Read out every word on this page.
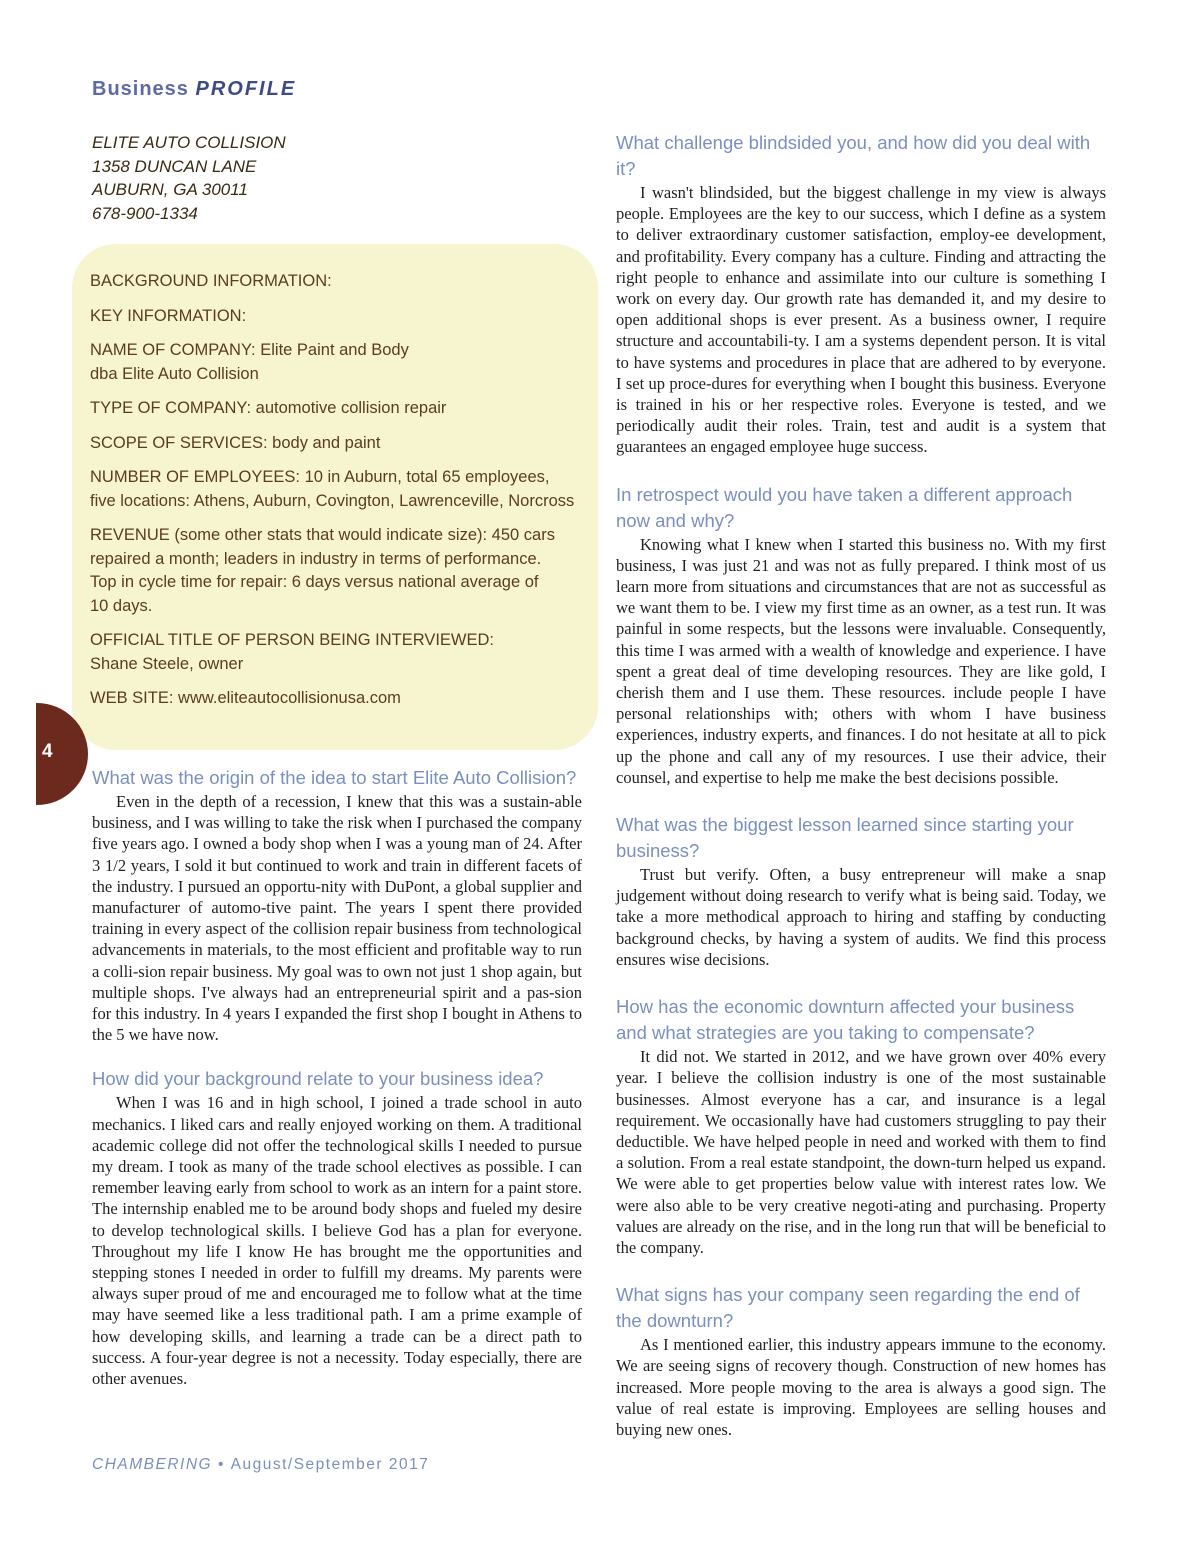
Business PROFILE
ELITE AUTO COLLISION
1358 DUNCAN LANE
AUBURN, GA 30011
678-900-1334

BACKGROUND INFORMATION:

KEY INFORMATION:

NAME OF COMPANY: Elite Paint and Body
dba Elite Auto Collision

TYPE OF COMPANY: automotive collision repair

SCOPE OF SERVICES: body and paint

NUMBER OF EMPLOYEES: 10 in Auburn, total 65 employees,
five locations: Athens, Auburn, Covington, Lawrenceville, Norcross

REVENUE (some other stats that would indicate size): 450 cars
repaired a month; leaders in industry in terms of performance.
Top in cycle time for repair: 6 days versus national average of
10 days.

OFFICIAL TITLE OF PERSON BEING INTERVIEWED:
Shane Steele, owner

WEB SITE: www.eliteautocollisionusa.com

4

What was the origin of the idea to start Elite Auto Collision?

Even in the depth of a recession, I knew that this was a sustain-able business, and I was willing to take the risk when I purchased the company five years ago. I owned a body shop when I was a young man of 24. After 3 1/2 years, I sold it but continued to work and train in different facets of the industry. I pursued an opportu-nity with DuPont, a global supplier and manufacturer of automo-tive paint. The years I spent there provided training in every aspect of the collision repair business from technological advancements in materials, to the most efficient and profitable way to run a colli-sion repair business. My goal was to own not just 1 shop again, but multiple shops. I've always had an entrepreneurial spirit and a pas-sion for this industry. In 4 years I expanded the first shop I bought in Athens to the 5 we have now.

How did your background relate to your business idea?

When I was 16 and in high school, I joined a trade school in auto mechanics. I liked cars and really enjoyed working on them. A traditional academic college did not offer the technological skills I needed to pursue my dream. I took as many of the trade school electives as possible. I can remember leaving early from school to work as an intern for a paint store. The internship enabled me to be around body shops and fueled my desire to develop technological skills. I believe God has a plan for everyone. Throughout my life I know He has brought me the opportunities and stepping stones I needed in order to fulfill my dreams. My parents were always super proud of me and encouraged me to follow what at the time may have seemed like a less traditional path. I am a prime example of how developing skills, and learning a trade can be a direct path to success. A four-year degree is not a necessity. Today especially, there are other avenues.

What challenge blindsided you, and how did you deal with it?

I wasn't blindsided, but the biggest challenge in my view is always people. Employees are the key to our success, which I define as a system to deliver extraordinary customer satisfaction, employ-ee development, and profitability. Every company has a culture. Finding and attracting the right people to enhance and assimilate into our culture is something I work on every day. Our growth rate has demanded it, and my desire to open additional shops is ever present. As a business owner, I require structure and accountabili-ty. I am a systems dependent person. It is vital to have systems and procedures in place that are adhered to by everyone. I set up proce-dures for everything when I bought this business. Everyone is trained in his or her respective roles. Everyone is tested, and we periodically audit their roles. Train, test and audit is a system that guarantees an engaged employee huge success.

In retrospect would you have taken a different approach now and why?

Knowing what I knew when I started this business no. With my first business, I was just 21 and was not as fully prepared. I think most of us learn more from situations and circumstances that are not as successful as we want them to be. I view my first time as an owner, as a test run. It was painful in some respects, but the lessons were invaluable. Consequently, this time I was armed with a wealth of knowledge and experience. I have spent a great deal of time developing resources. They are like gold, I cherish them and I use them. These resources. include people I have personal relationships with; others with whom I have business experiences, industry experts, and finances. I do not hesitate at all to pick up the phone and call any of my resources. I use their advice, their counsel, and expertise to help me make the best decisions possible.

What was the biggest lesson learned since starting your business?

Trust but verify. Often, a busy entrepreneur will make a snap judgement without doing research to verify what is being said. Today, we take a more methodical approach to hiring and staffing by conducting background checks, by having a system of audits. We find this process ensures wise decisions.

How has the economic downturn affected your business and what strategies are you taking to compensate?

It did not. We started in 2012, and we have grown over 40% every year. I believe the collision industry is one of the most sustainable businesses. Almost everyone has a car, and insurance is a legal requirement. We occasionally have had customers struggling to pay their deductible. We have helped people in need and worked with them to find a solution. From a real estate standpoint, the down-turn helped us expand. We were able to get properties below value with interest rates low. We were also able to be very creative negoti-ating and purchasing. Property values are already on the rise, and in the long run that will be beneficial to the company.

What signs has your company seen regarding the end of the downturn?

As I mentioned earlier, this industry appears immune to the economy. We are seeing signs of recovery though. Construction of new homes has increased. More people moving to the area is always a good sign. The value of real estate is improving. Employees are selling houses and buying new ones.

CHAMBERING • August/September 2017
